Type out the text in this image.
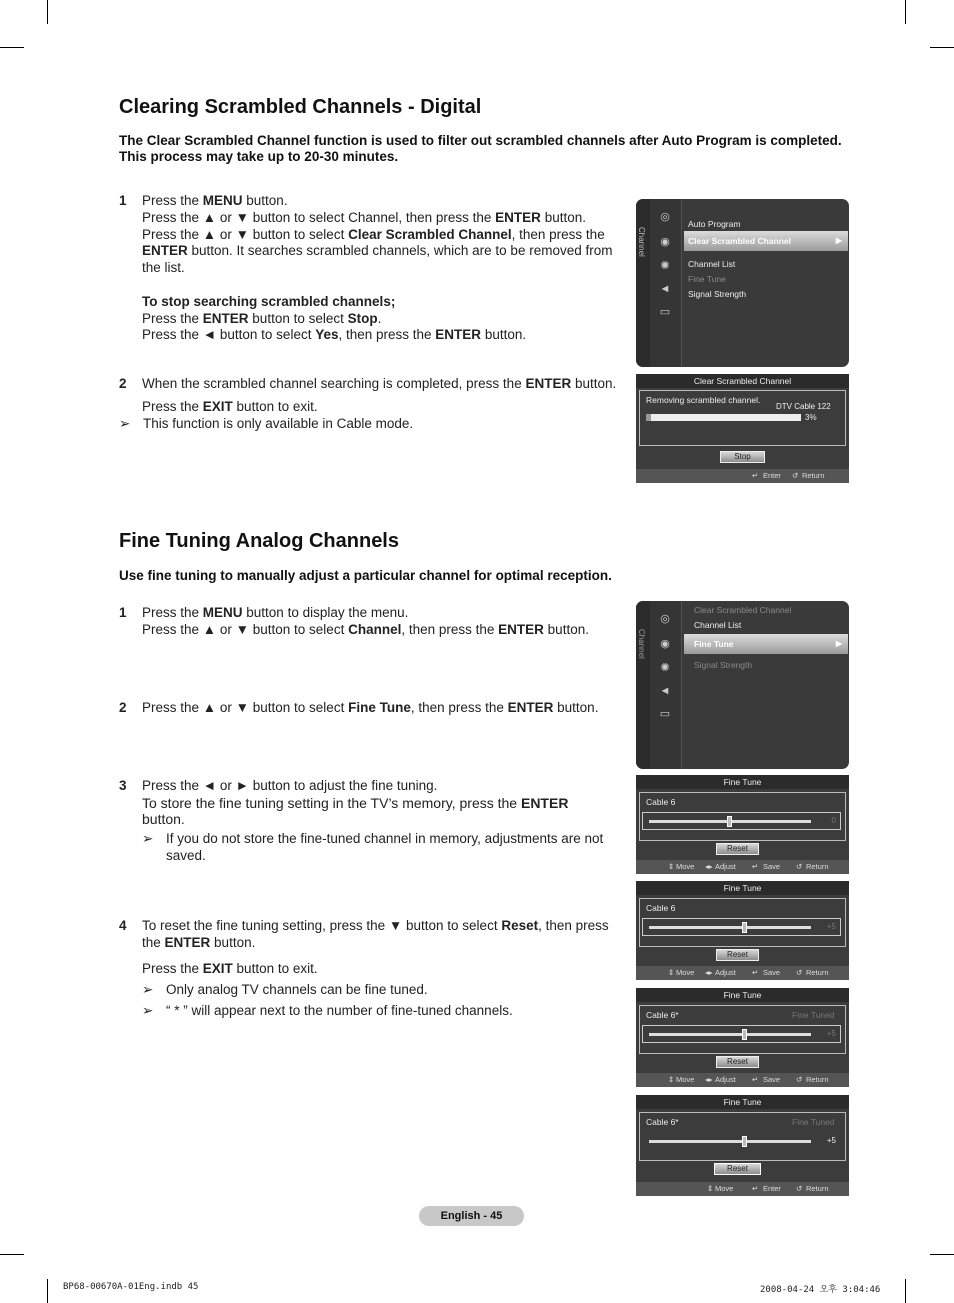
Clearing Scrambled Channels - Digital
The Clear Scrambled Channel function is used to filter out scrambled channels after Auto Program is completed.
This process may take up to 20-30 minutes.
1 Press the MENU button.
Press the ▲ or ▼ button to select Channel, then press the ENTER button.
Press the ▲ or ▼ button to select Clear Scrambled Channel, then press the ENTER button. It searches scrambled channels, which are to be removed from the list.

To stop searching scrambled channels;
Press the ENTER button to select Stop.
Press the ◄ button to select Yes, then press the ENTER button.
2 When the scrambled channel searching is completed, press the ENTER button.
Press the EXIT button to exit.
➢ This function is only available in Cable mode.
Channel
◎
◉
✺
◄
▭
Auto Program
Clear Scrambled Channel	▶
Channel List
Fine Tune
Signal Strength
Clear Scrambled Channel
Removing scrambled channel.
DTV Cable 122
3%
Stop
↵ Enter ↺ Return
Fine Tuning Analog Channels
Use fine tuning to manually adjust a particular channel for optimal reception.
1 Press the MENU button to display the menu.
Press the ▲ or ▼ button to select Channel, then press the ENTER button.
2 Press the ▲ or ▼ button to select Fine Tune, then press the ENTER button.
3 Press the ◄ or ► button to adjust the fine tuning.
To store the fine tuning setting in the TV’s memory, press the ENTER
button.
➢ If you do not store the fine-tuned channel in memory, adjustments are not
saved.
4 To reset the fine tuning setting, press the ▼ button to select Reset, then press the ENTER button.
Press the EXIT button to exit.
➢ Only analog TV channels can be fine tuned.
➢ “ * ” will appear next to the number of fine-tuned channels.
Channel
◎
◉
✺
◄
▭
Clear Scrambled Channel
Channel List
Fine Tune	▶
Signal Strength
Fine Tune
Cable 6
0
Reset
⇕ Move ◂▸ Adjust ↵ Save ↺ Return
Fine Tune
Cable 6
+5
Reset
⇕ Move ◂▸ Adjust ↵ Save ↺ Return
Fine Tune
Cable 6*	Fine Tuned
+5
Reset
⇕ Move ◂▸ Adjust ↵ Save ↺ Return
Fine Tune
Cable 6*	Fine Tuned
+5
Reset
⇕ Move ↵ Enter ↺ Return
English - 45
BP68-00670A-01Eng.indb 45	2008-04-24 오후 3:04:46
